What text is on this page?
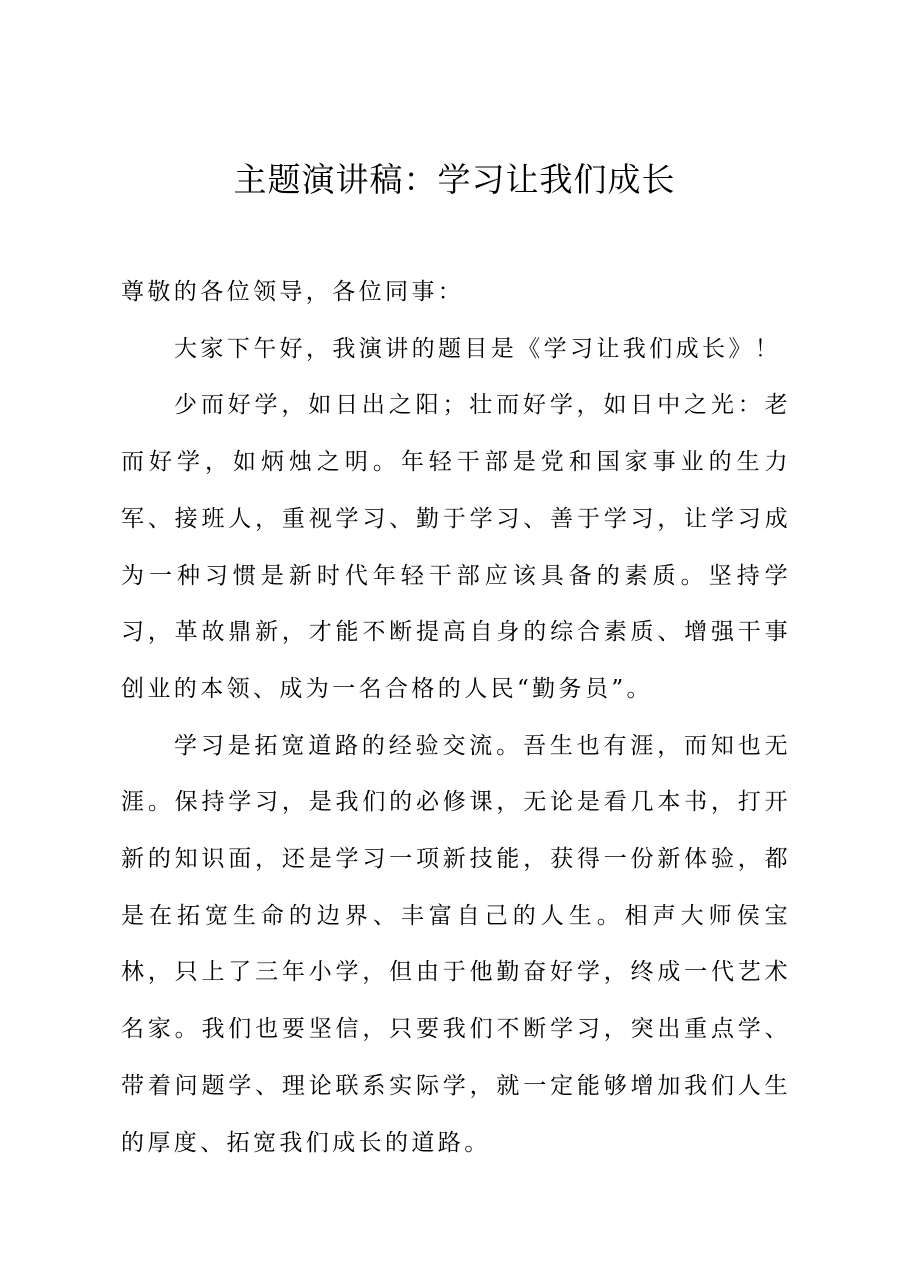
主题演讲稿：学习让我们成长

尊敬的各位领导，各位同事：

大家下午好，我演讲的题目是《学习让我们成长》！

少而好学，如日出之阳；壮而好学，如日中之光：老而好学，如炳烛之明。年轻干部是党和国家事业的生力军、接班人，重视学习、勤于学习、善于学习，让学习成为一种习惯是新时代年轻干部应该具备的素质。坚持学习，革故鼎新，才能不断提高自身的综合素质、增强干事创业的本领、成为一名合格的人民“勤务员”。

学习是拓宽道路的经验交流。吾生也有涯，而知也无涯。保持学习，是我们的必修课，无论是看几本书，打开新的知识面，还是学习一项新技能，获得一份新体验，都是在拓宽生命的边界、丰富自己的人生。相声大师侯宝林，只上了三年小学，但由于他勤奋好学，终成一代艺术名家。我们也要坚信，只要我们不断学习，突出重点学、带着问题学、理论联系实际学，就一定能够增加我们人生的厚度、拓宽我们成长的道路。
